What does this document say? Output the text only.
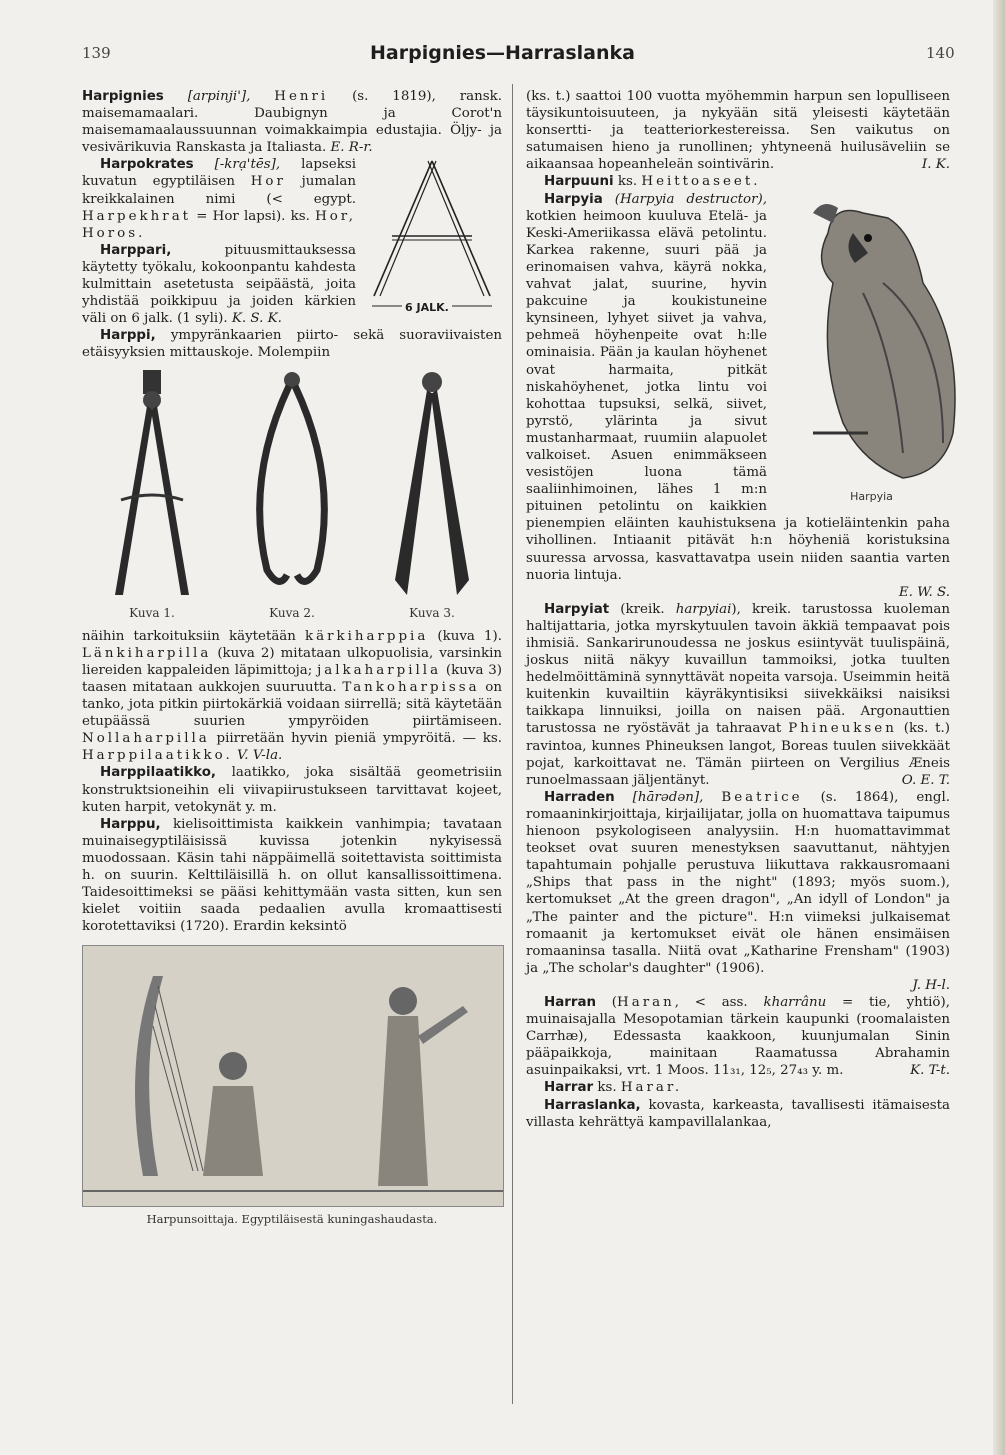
139	Harpignies—Harraslanka	140

Harpignies [arpinji'], Henri (s. 1819), ransk. maisemamaalari. Daubignyn ja Corot'n maisemamaalaussuunnan voimakkaimpia edustajia. Öljy- ja vesivärikuvia Ranskasta ja Italiasta. E. R-r.

6 JALK.

Harpokrates [-krạ'tēs], lapseksi kuvatun egyptiläisen Hor jumalan kreikkalainen nimi (< egypt. Harpekhrat = Hor lapsi). ks. Hor, Horos.

Harppari,	pituusmittauksessa käytetty työkalu, kokoonpantu kahdesta kulmittain asetetusta seipäästä, joita yhdistää poikkipuu ja joiden kärkien väli on 6 jalk. (1 syli). K. S. K.

Harppi, ympyränkaarien piirto- sekä suoraviivaisten etäisyyksien mittauskoje. Molempiin

Kuva 1.	Kuva 2.	Kuva 3.

näihin tarkoituksiin käytetään kärkiharppia (kuva 1). Länkiharpilla (kuva 2) mitataan ulkopuolisia, varsinkin liereiden kappaleiden läpimittoja; jalkaharpilla (kuva 3) taasen mitataan aukkojen suuruutta. Tankoharpissa on tanko, jota pitkin piirtokärkiä voidaan siirrellä; sitä käytetään etupäässä suurien ympyröiden piirtämiseen. Nollaharpilla piirretään hyvin pieniä ympyröitä. — ks. Harppilaatikko. V. V-la.

Harppilaatikko, laatikko, joka sisältää geometrisiin konstruktsioneihin eli viivapiirustukseen tarvittavat kojeet, kuten harpit, vetokynät y. m.

Harppu, kielisoittimista kaikkein vanhimpia; tavataan muinaisegyptiläisissä kuvissa jotenkin nykyisessä muodossaan. Käsin tahi näppäimellä soitettavista soittimista h. on suurin. Kelttiläisillä h. on ollut kansallissoittimena. Taidesoittimeksi se pääsi kehittymään vasta sitten, kun sen kielet voitiin saada pedaalien avulla kromaattisesti korotettaviksi (1720). Erardin keksintö

Harpunsoittaja. Egyptiläisestä kuningashaudasta.

(ks. t.) saattoi 100 vuotta myöhemmin harpun sen lopulliseen täysikuntoisuuteen, ja nykyään sitä yleisesti käytetään konsertti- ja teatteriorkestereissa. Sen vaikutus on satumaisen hieno ja runollinen; yhtyneenä huilusäveliin se aikaansaa hopeanheleän sointivärin.	I. K.

Harpuuni ks. Heittoaseet.

Harpyia (Harpyia destructor),
Harpyia
kotkien heimoon kuuluva Etelä- ja Keski-Ameriikassa elävä petolintu. Karkea rakenne, suuri pää ja erinomaisen vahva, käyrä nokka, vahvat jalat, suurine, hyvin pakсuine ja koukistuneine kynsineen, lyhyet siivet ja vahva, pehmeä höyhenpeite ovat h:lle ominaisia. Pään ja kaulan höyhenet ovat harmaita, pitkät niskahöyhenet, jotka lintu voi kohottaa tupsuksi, selkä, siivet, pyrstö, ylärinta ja sivut mustanharmaat, ruumiin alapuolet valkoiset. Asuen enimmäkseen vesistöjen luona tämä saaliinhimoinen, lähes 1 m:n pituinen petolintu on kaikkien pienempien eläinten kauhistuksena ja kotieläintenkin paha vihollinen. Intiaanit pitävät h:n höyheniä koristuksina suuressa arvossa, kasvattavatpa usein niiden saantia varten nuoria lintuja.

E. W. S.

Harpyiat (kreik. harpyiai), kreik. tarustossa kuoleman haltijattaria, jotka myrskytuulen tavoin äkkiä tempaavat pois ihmisiä. Sankarirunoudessa ne joskus esiintyvät tuulispäinä, joskus niitä näkyy kuvaillun tammoiksi, jotka tuulten hedelmöittäminä synnyttävät nopeita varsoja. Useimmin heitä kuitenkin kuvailtiin käyräkyntisiksi siivekkäiksi naisiksi taikkapa linnuiksi, joilla on naisen pää. Argonauttien tarustossa ne ryöstävät ja tahraavat Phineuksen (ks. t.) ravintoa, kunnes Phineuksen langot, Boreas tuulen siivekkäät pojat, karkoittavat ne. Tämän piirteen on Vergilius Æneis runoelmassaan jäljentänyt.	O. E. T.

Harraden [hārədən], Beatrice (s. 1864), engl. romaaninkirjoittaja, kirjailijatar, jolla on huomattava taipumus hienoon psykologiseen analyysiin. H:n huomattavimmat teokset ovat suuren menestyksen saavuttanut, nähtyjen tapahtumain pohjalle perustuva liikuttava rakkausromaani „Ships that pass in the night" (1893; myös suom.), kertomukset „At the green dragon", „An idyll of London" ja „The painter and the picture". H:n viimeksi julkaisemat romaanit ja kertomukset eivät ole hänen ensimäisen romaaninsa tasalla. Niitä ovat „Katharine Frensham" (1903) ja „The scholar's daughter" (1906).

J. H-l.

Harran (Haran, < ass. kharrânu = tie, yhtiö), muinaisajalla Mesopotamian tärkein kaupunki (roomalaisten Carrhæ), Edessasta kaakkoon, kuunjumalan Sinin pääpaikkoja, mainitaan Raamatussa Abrahamin asuinpaikaksi, vrt. 1 Moos. 11₃₁, 12₅, 27₄₃ y. m.	K. T-t.

Harrar ks. Harar.

Harraslanka, kovasta, karkeasta, tavallisesti itämaisesta villasta kehrättyä kampavillalankaa,
